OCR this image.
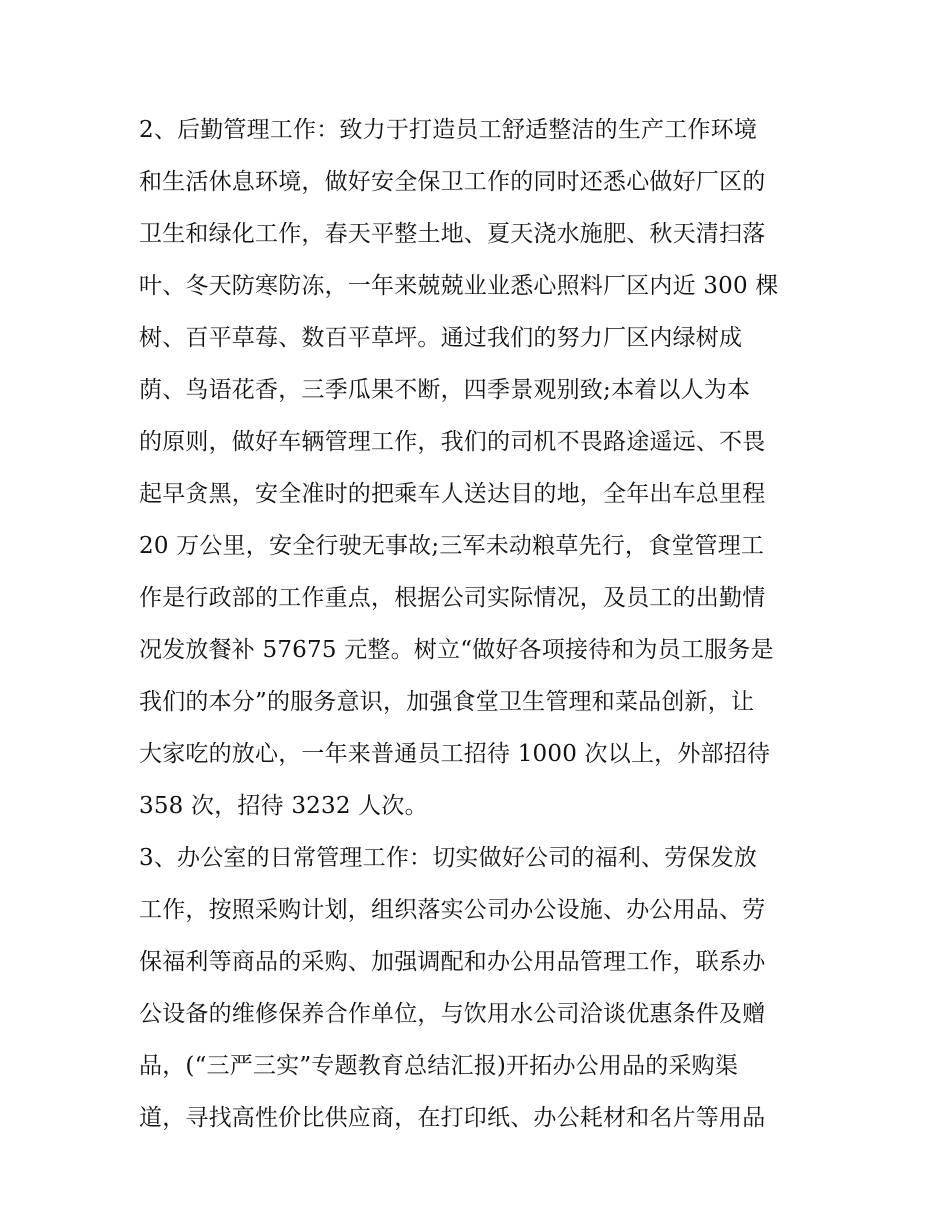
2、后勤管理工作：致力于打造员工舒适整洁的生产工作环境
和生活休息环境，做好安全保卫工作的同时还悉心做好厂区的
卫生和绿化工作，春天平整土地、夏天浇水施肥、秋天清扫落
叶、冬天防寒防冻，一年来兢兢业业悉心照料厂区内近 300 棵
树、百平草莓、数百平草坪。通过我们的努力厂区内绿树成
荫、鸟语花香，三季瓜果不断，四季景观别致;本着以人为本
的原则，做好车辆管理工作，我们的司机不畏路途遥远、不畏
起早贪黑，安全准时的把乘车人送达目的地，全年出车总里程
20 万公里，安全行驶无事故;三军未动粮草先行，食堂管理工
作是行政部的工作重点，根据公司实际情况，及员工的出勤情
况发放餐补 57675 元整。树立“做好各项接待和为员工服务是
我们的本分”的服务意识，加强食堂卫生管理和菜品创新，让
大家吃的放心，一年来普通员工招待 1000 次以上，外部招待
358 次，招待 3232 人次。
3、办公室的日常管理工作：切实做好公司的福利、劳保发放
工作，按照采购计划，组织落实公司办公设施、办公用品、劳
保福利等商品的采购、加强调配和办公用品管理工作，联系办
公设备的维修保养合作单位，与饮用水公司洽谈优惠条件及赠
品，(“三严三实”专题教育总结汇报)开拓办公用品的采购渠
道，寻找高性价比供应商，在打印纸、办公耗材和名片等用品
